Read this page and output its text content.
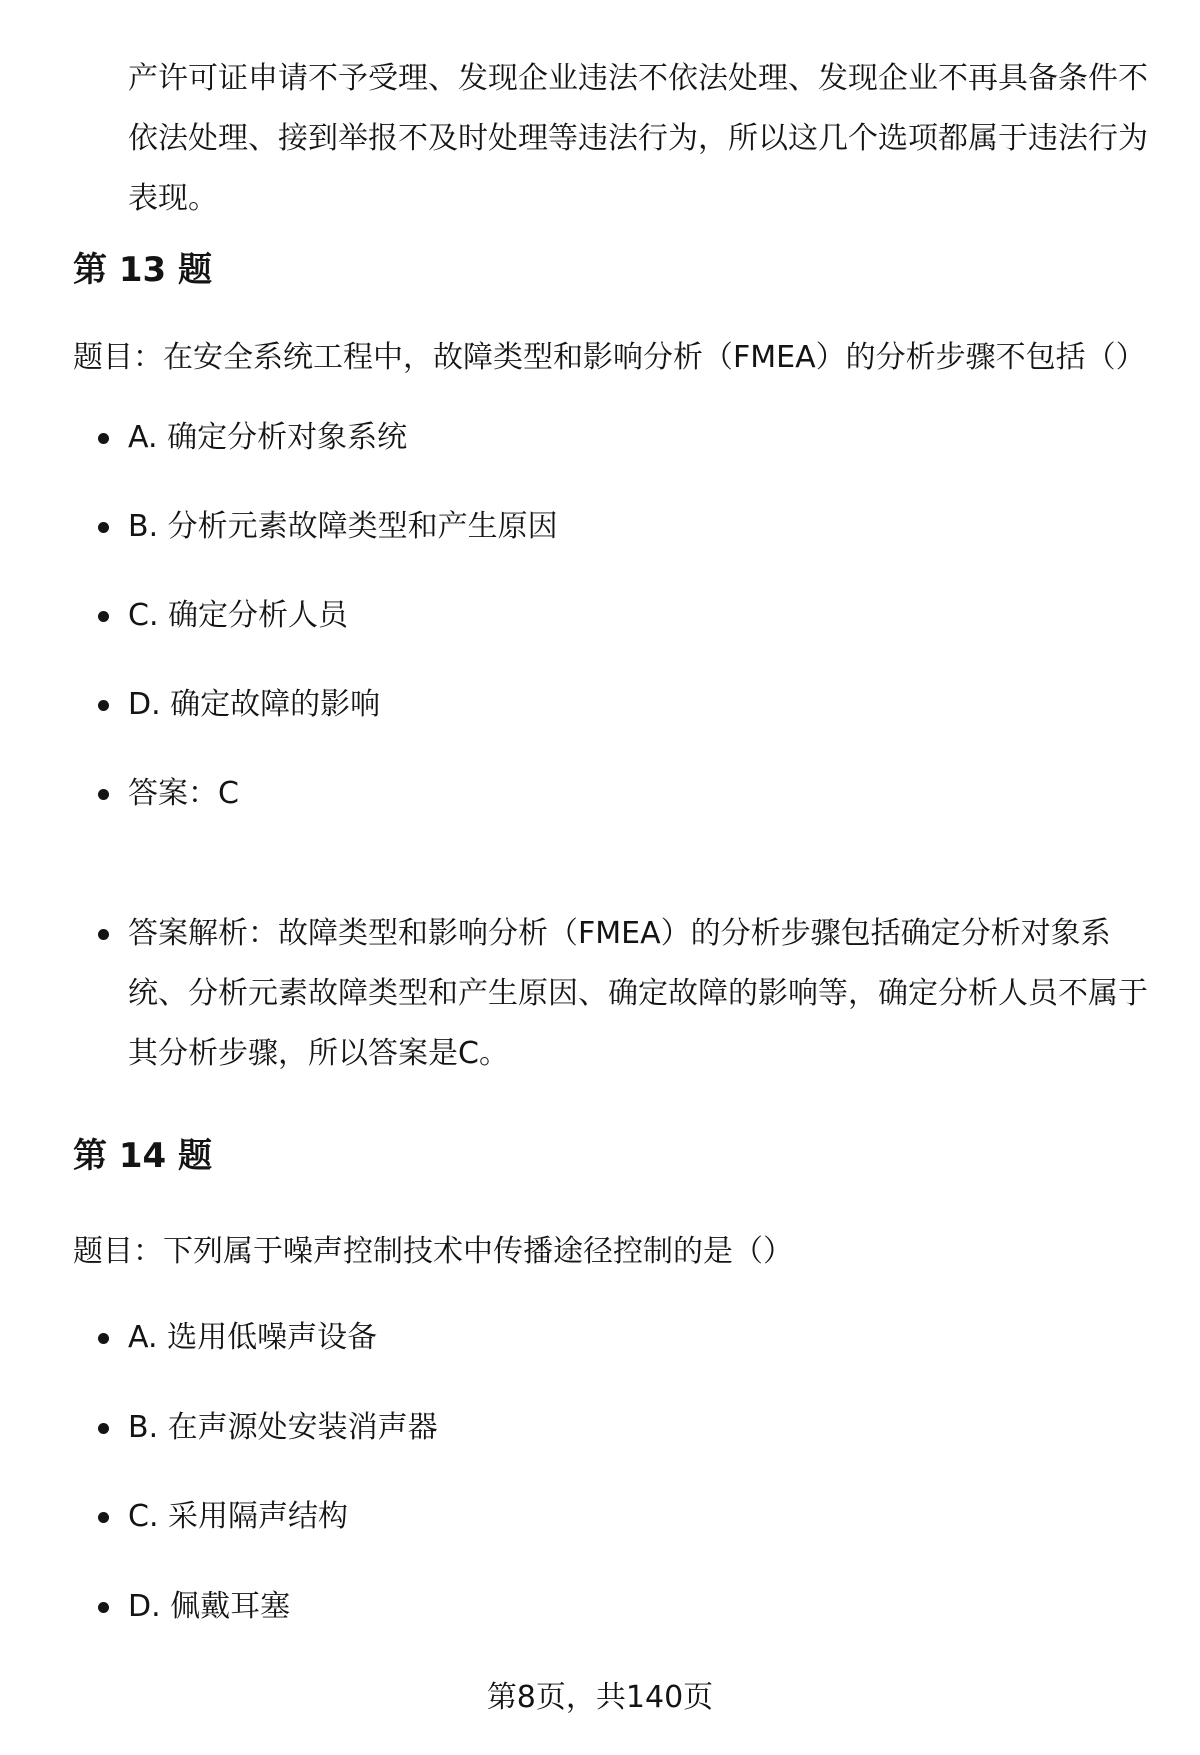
产许可证申请不予受理、发现企业违法不依法处理、发现企业不再具备条件不依法处理、接到举报不及时处理等违法行为，所以这几个选项都属于违法行为表现。
第 13 题
题目：在安全系统工程中，故障类型和影响分析（FMEA）的分析步骤不包括（）
A. 确定分析对象系统
B. 分析元素故障类型和产生原因
C. 确定分析人员
D. 确定故障的影响
答案：C
答案解析：故障类型和影响分析（FMEA）的分析步骤包括确定分析对象系统、分析元素故障类型和产生原因、确定故障的影响等，确定分析人员不属于其分析步骤，所以答案是C。
第 14 题
题目：下列属于噪声控制技术中传播途径控制的是（）
A. 选用低噪声设备
B. 在声源处安装消声器
C. 采用隔声结构
D. 佩戴耳塞
第8页，共140页
